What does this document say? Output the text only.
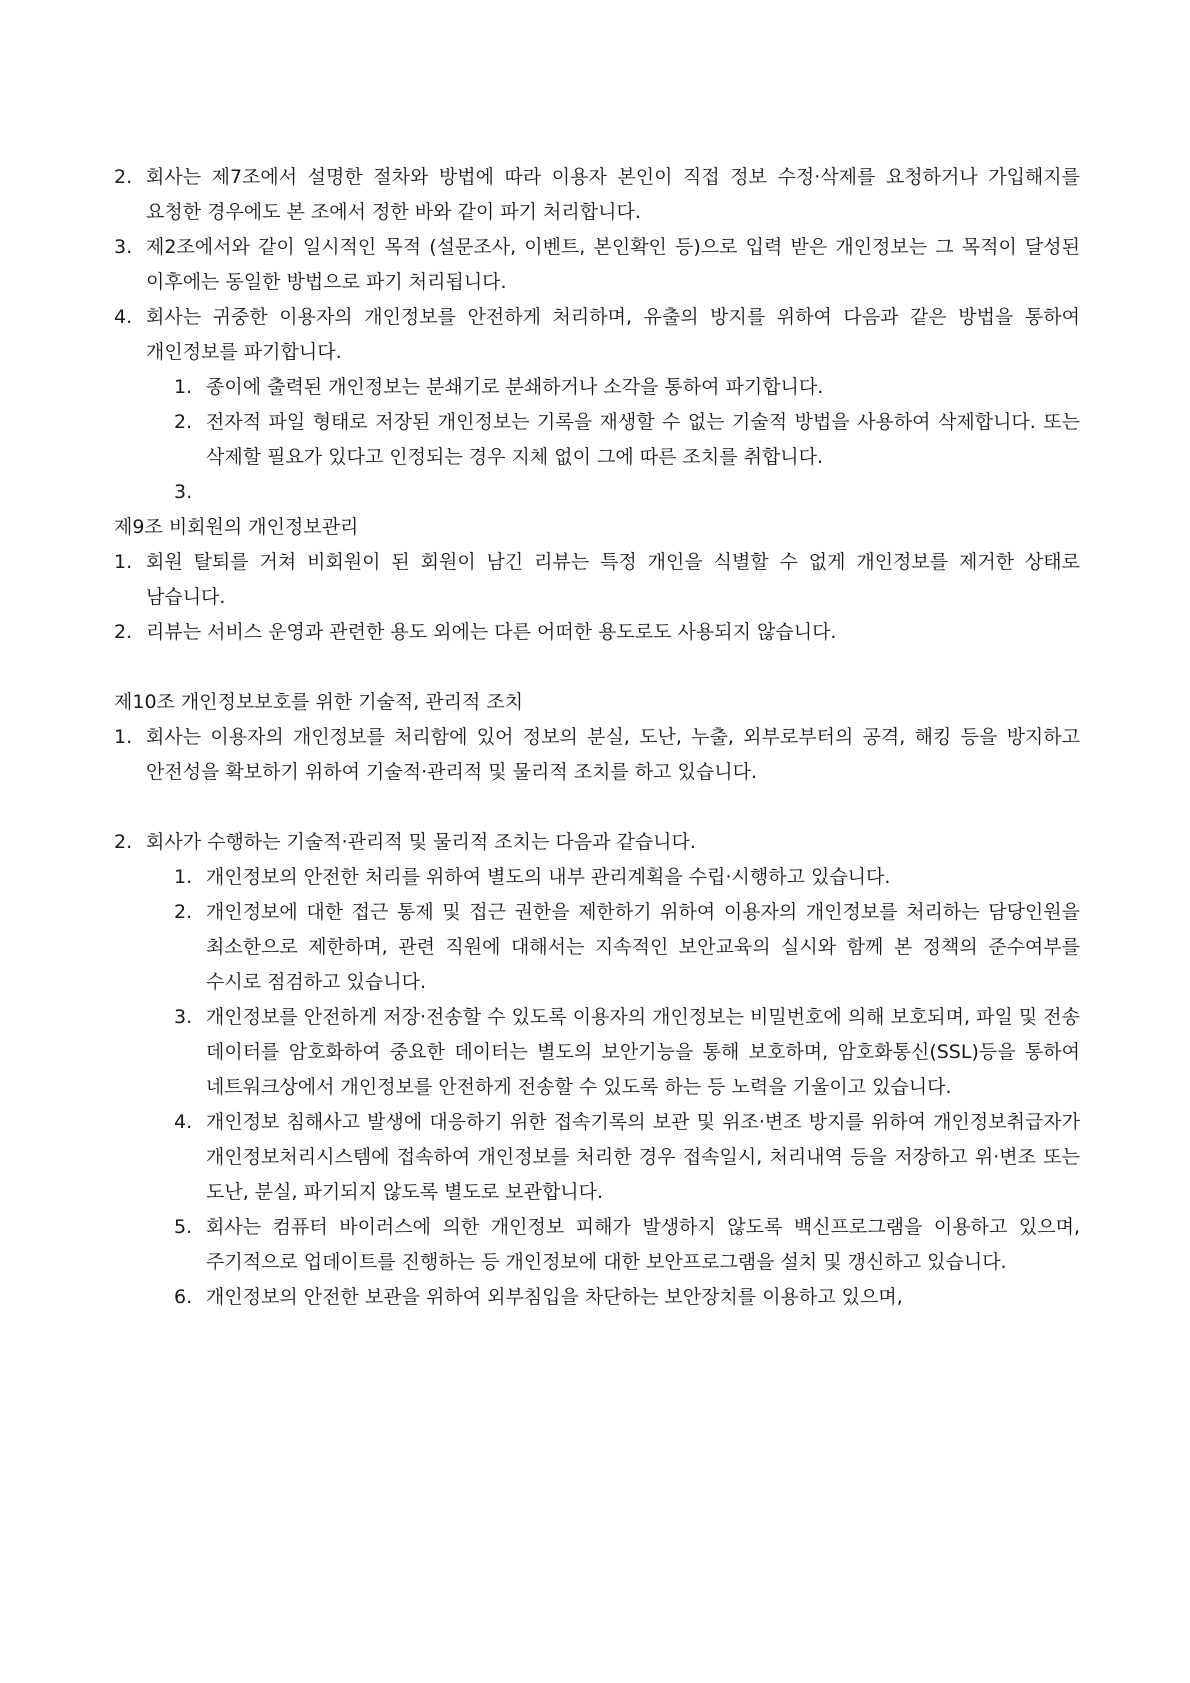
2. 회사는 제7조에서 설명한 절차와 방법에 따라 이용자 본인이 직접 정보 수정·삭제를 요청하거나 가입해지를 요청한 경우에도 본 조에서 정한 바와 같이 파기 처리합니다.
3. 제2조에서와 같이 일시적인 목적 (설문조사, 이벤트, 본인확인 등)으로 입력 받은 개인정보는 그 목적이 달성된 이후에는 동일한 방법으로 파기 처리됩니다.
4. 회사는 귀중한 이용자의 개인정보를 안전하게 처리하며, 유출의 방지를 위하여 다음과 같은 방법을 통하여 개인정보를 파기합니다.
1. 종이에 출력된 개인정보는 분쇄기로 분쇄하거나 소각을 통하여 파기합니다.
2. 전자적 파일 형태로 저장된 개인정보는 기록을 재생할 수 없는 기술적 방법을 사용하여 삭제합니다. 또는 삭제할 필요가 있다고 인정되는 경우 지체 없이 그에 따른 조치를 취합니다.
3.

제9조 비회원의 개인정보관리

1. 회원 탈퇴를 거쳐 비회원이 된 회원이 남긴 리뷰는 특정 개인을 식별할 수 없게 개인정보를 제거한 상태로 남습니다.
2. 리뷰는 서비스 운영과 관련한 용도 외에는 다른 어떠한 용도로도 사용되지 않습니다.

제10조 개인정보보호를 위한 기술적, 관리적 조치

1. 회사는 이용자의 개인정보를 처리함에 있어 정보의 분실, 도난, 누출, 외부로부터의 공격, 해킹 등을 방지하고 안전성을 확보하기 위하여 기술적·관리적 및 물리적 조치를 하고 있습니다.
2. 회사가 수행하는 기술적·관리적 및 물리적 조치는 다음과 같습니다.
1. 개인정보의 안전한 처리를 위하여 별도의 내부 관리계획을 수립·시행하고 있습니다.
2. 개인정보에 대한 접근 통제 및 접근 권한을 제한하기 위하여 이용자의 개인정보를 처리하는 담당인원을 최소한으로 제한하며, 관련 직원에 대해서는 지속적인 보안교육의 실시와 함께 본 정책의 준수여부를 수시로 점검하고 있습니다.
3. 개인정보를 안전하게 저장·전송할 수 있도록 이용자의 개인정보는 비밀번호에 의해 보호되며, 파일 및 전송 데이터를 암호화하여 중요한 데이터는 별도의 보안기능을 통해 보호하며, 암호화통신(SSL)등을 통하여 네트워크상에서 개인정보를 안전하게 전송할 수 있도록 하는 등 노력을 기울이고 있습니다.
4. 개인정보 침해사고 발생에 대응하기 위한 접속기록의 보관 및 위조·변조 방지를 위하여 개인정보취급자가 개인정보처리시스템에 접속하여 개인정보를 처리한 경우 접속일시, 처리내역 등을 저장하고 위·변조 또는 도난, 분실, 파기되지 않도록 별도로 보관합니다.
5. 회사는 컴퓨터 바이러스에 의한 개인정보 피해가 발생하지 않도록 백신프로그램을 이용하고 있으며, 주기적으로 업데이트를 진행하는 등 개인정보에 대한 보안프로그램을 설치 및 갱신하고 있습니다.
6. 개인정보의 안전한 보관을 위하여 외부침입을 차단하는 보안장치를 이용하고 있으며,
